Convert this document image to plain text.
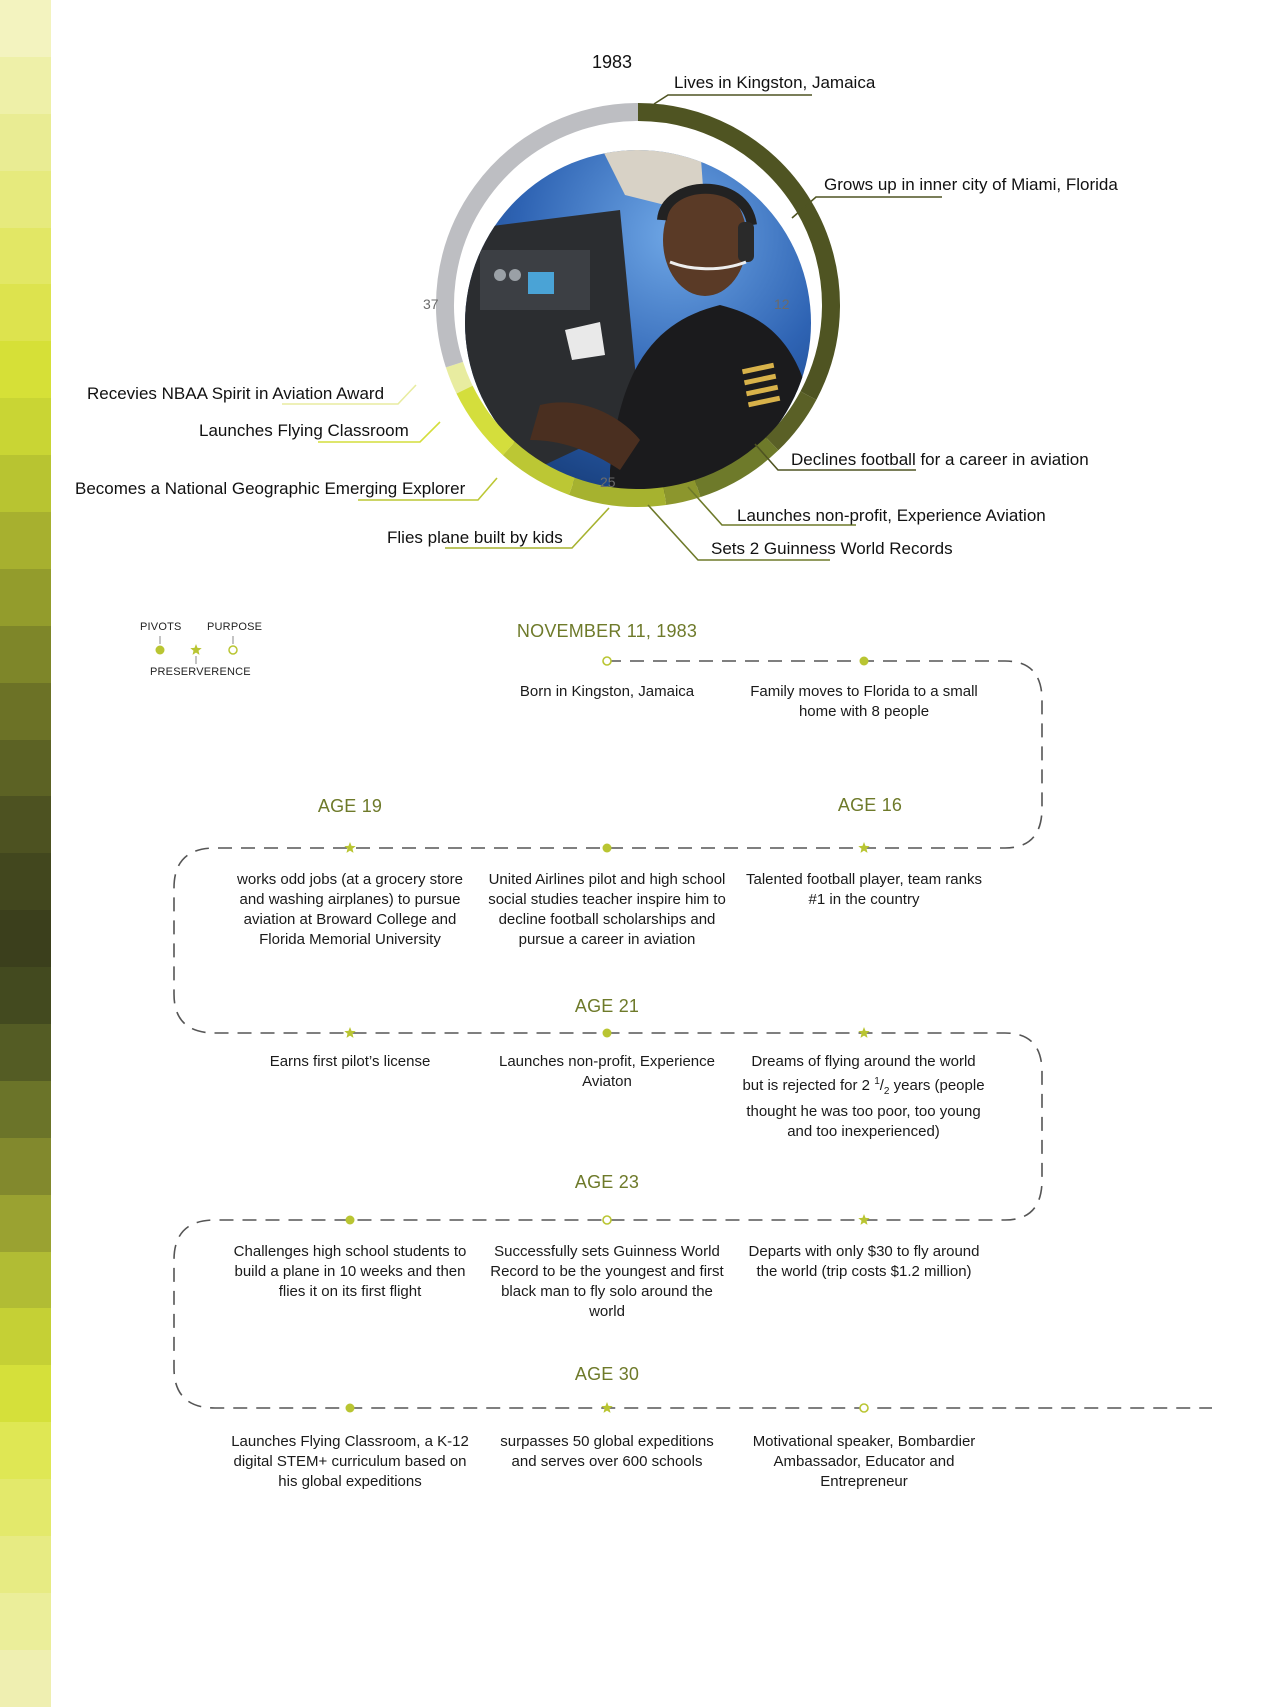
1983
12
25
37
Lives in Kingston, Jamaica
Grows up in inner city of Miami, Florida
Declines football for a career in aviation
Launches non-profit, Experience Aviation
Sets 2 Guinness World Records
Flies plane built by kids
Becomes a National Geographic Emerging Explorer
Launches Flying Classroom
Recevies NBAA Spirit in Aviation Award
PIVOTS PURPOSE
PRESERVERENCE
NOVEMBER 11, 1983
AGE 16
AGE 19
AGE 21
AGE 23
AGE 30
Born in Kingston, Jamaica	Family moves to Florida to a small home with 8 people
Talented football player, team ranks #1 in the country
United Airlines pilot and high school social studies teacher inspire him to decline football scholarships and pursue a career in aviation
works odd jobs (at a grocery store and washing airplanes) to pursue aviation at Broward College and Florida Memorial University
Earns first pilot’s license	Launches non-profit, Experience Aviaton
Dreams of flying around the world but is rejected for 2 $^1/_2$ years (people thought he was too poor, too young and too inexperienced)
Departs with only $30 to fly around the world (trip costs $1.2 million)
Successfully sets Guinness World Record to be the youngest and first black man to fly solo around the world
Challenges high school students to build a plane in 10 weeks and then flies it on its first flight
Launches Flying Classroom, a K-12 digital STEM+ curriculum based on his global expeditions
surpasses 50 global expeditions and serves over 600 schools
Motivational speaker, Bombardier Ambassador, Educator and Entrepreneur
